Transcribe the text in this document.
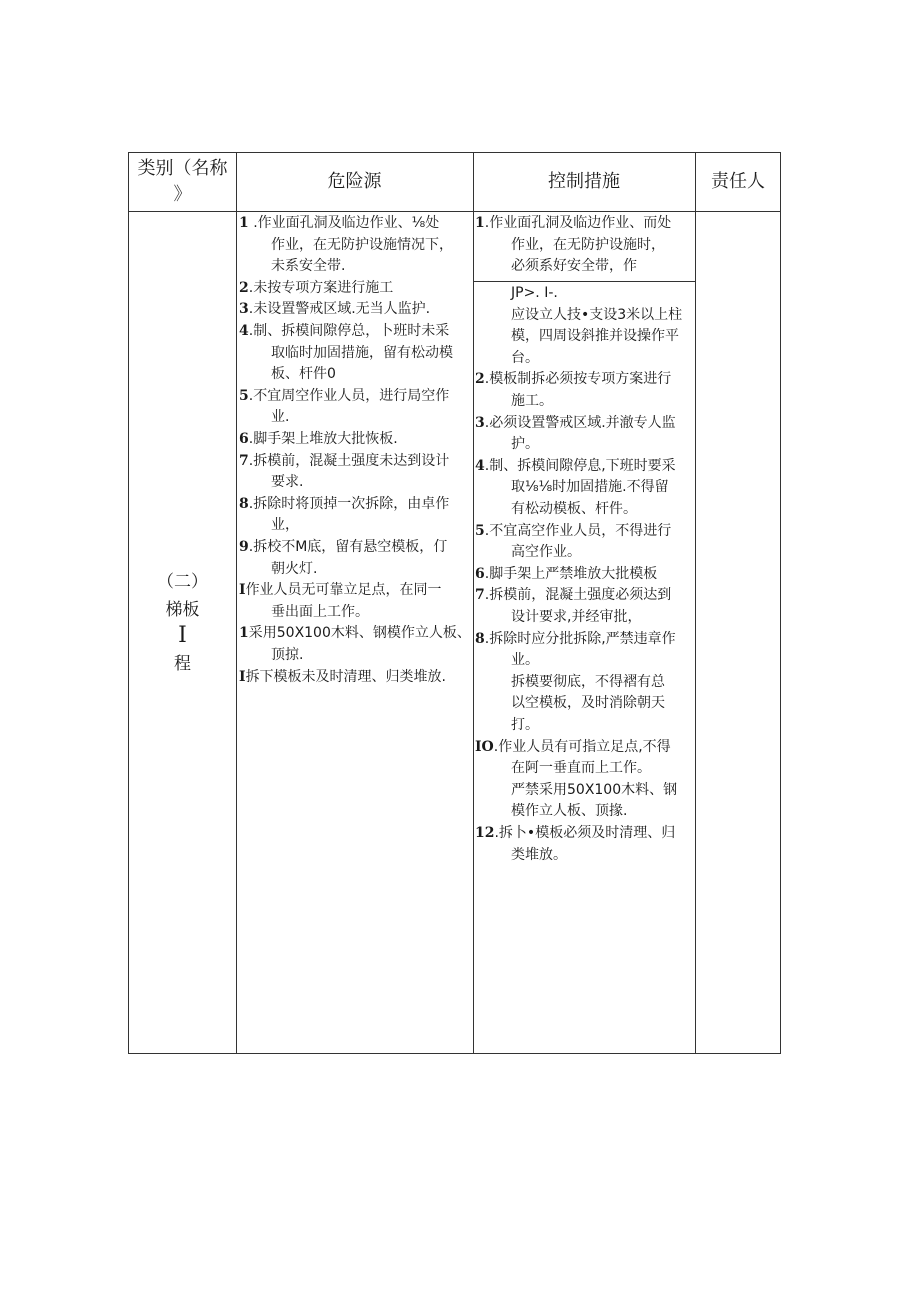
类别（名称
》
危险源	控制措施	责任人
（二）
梯板
I
程
1 .作业面孔洞及临边作业、⅛处
作业，在无防护设施情况下，
未系安全带.
2.未按专项方案进行施工
3.未设置警戒区域.无当人监护.
4.制、拆模间隙停总，卜班时未采
取临时加固措施，留有松动模
板、杆件0
5.不宜周空作业人员，进行局空作
业.
6.脚手架上堆放大批恢板.
7.拆模前，混凝土强度未达到设计
要求.
8.拆除时将顶掉一次拆除，由卓作
业，
9.拆校不M底，留有悬空模板，仃
朝火灯.
I作业人员无可靠立足点，在同一
垂出面上工作。
1采用50X100木料、钢模作立人板、
顶掠.
I拆下模板未及时清理、归类堆放.
1.作业面孔洞及临边作业、而处
作业，在无防护设施时，
必须系好安全带，作
JP>. I-.
应设立人技•支设3米以上柱
模，四周设斜推并设操作平
台。
2.模板制拆必须按专项方案进行
施工。
3.必须设置警戒区域.并澈专人监
护。
4.制、拆模间隙停息,下班时要采
取⅛⅛时加固措施.不得留
有松动模板、杆件。
5.不宜高空作业人员，不得进行
高空作业。
6.脚手架上严禁堆放大批模板
7.拆模前，混凝土强度必须达到
设计要求,并经审批，
8.拆除时应分批拆除,严禁违章作
业。
拆模要彻底，不得褶有总
以空模板，及时消除朝天
打。
IO.作业人员有可指立足点,不得
在阿一垂直而上工作。
严禁采用50X100木料、钢
模作立人板、顶掾.
12.拆卜•模板必须及时清理、归
类堆放。
